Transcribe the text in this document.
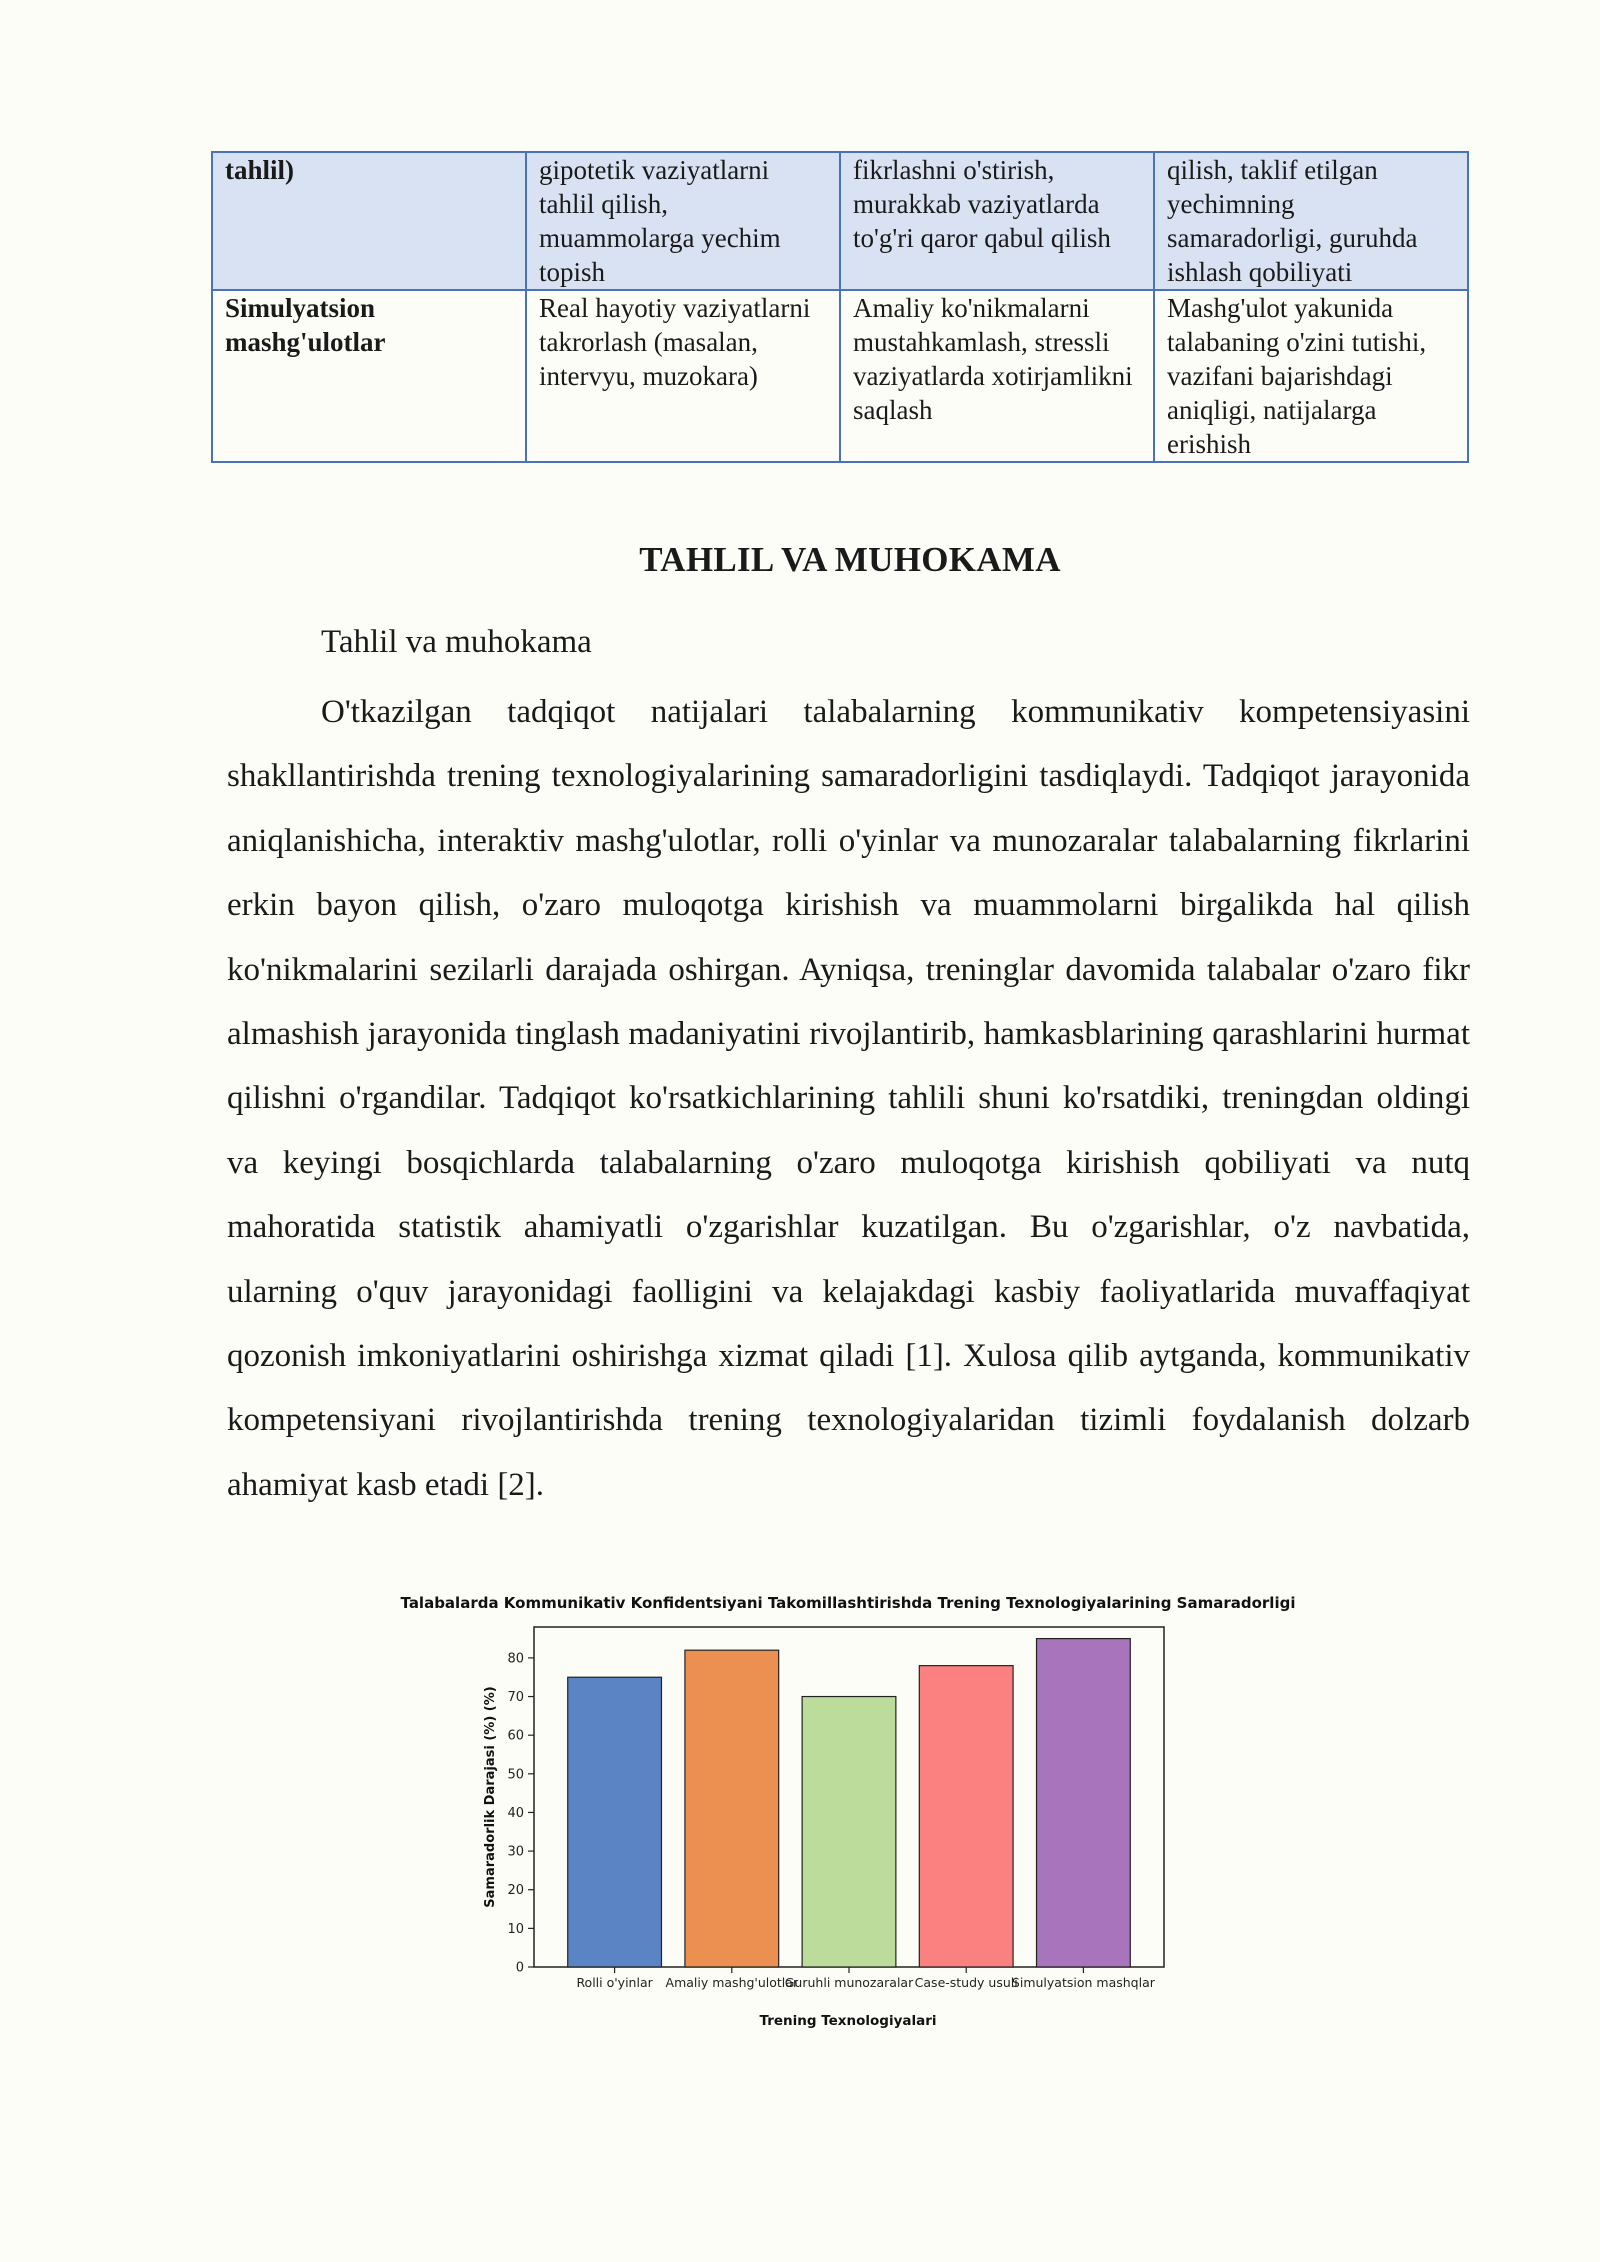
tahlil)	gipotetik vaziyatlarni tahlil qilish, muammolarga yechim topish	fikrlashni o'stirish, murakkab vaziyatlarda to'g'ri qaror qabul qilish	qilish, taklif etilgan yechimning samaradorligi, guruhda ishlash qobiliyati
Simulyatsion mashg'ulotlar	Real hayotiy vaziyatlarni takrorlash (masalan, intervyu, muzokara)	Amaliy ko'nikmalarni mustahkamlash, stressli vaziyatlarda xotirjamlikni saqlash	Mashg'ulot yakunida talabaning o'zini tutishi, vazifani bajarishdagi aniqligi, natijalarga erishish
TAHLIL VA MUHOKAMA
Tahlil va muhokama

O'tkazilgan tadqiqot natijalari talabalarning kommunikativ kompetensiyasini shakllantirishda trening texnologiyalarining samaradorligini tasdiqlaydi. Tadqiqot jarayonida aniqlanishicha, interaktiv mashg'ulotlar, rolli o'yinlar va munozaralar talabalarning fikrlarini erkin bayon qilish, o'zaro muloqotga kirishish va muammolarni birgalikda hal qilish ko'nikmalarini sezilarli darajada oshirgan. Ayniqsa, treninglar davomida talabalar o'zaro fikr almashish jarayonida tinglash madaniyatini rivojlantirib, hamkasblarining qarashlarini hurmat qilishni o'rgandilar. Tadqiqot ko'rsatkichlarining tahlili shuni ko'rsatdiki, treningdan oldingi va keyingi bosqichlarda talabalarning o'zaro muloqotga kirishish qobiliyati va nutq mahoratida statistik ahamiyatli o'zgarishlar kuzatilgan. Bu o'zgarishlar, o'z navbatida, ularning o'quv jarayonidagi faolligini va kelajakdagi kasbiy faoliyatlarida muvaffaqiyat qozonish imkoniyatlarini oshirishga xizmat qiladi [1]. Xulosa qilib aytganda, kommunikativ kompetensiyani rivojlantirishda trening texnologiyalaridan tizimli foydalanish dolzarb ahamiyat kasb etadi [2].

Talabalarda Kommunikativ Konfidentsiyani Takomillashtirishda Trening Texnologiyalarining Samaradorligi
0
10
20
30
40
50
60
70
80
Rolli o'yinlar Amaliy mashg'ulotlar
Guruhli munozaralar Case-study usuli
Simulyatsion mashqlar
Samaradorlik Darajasi (%) (%)
Trening Texnologiyalari
